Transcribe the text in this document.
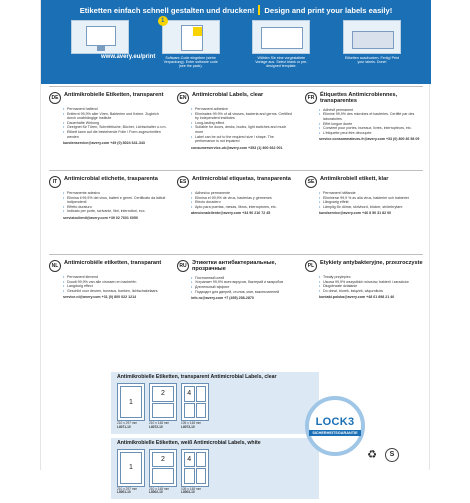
Etiketten einfach schnell gestalten und drucken! Design and print your labels easily!
1
Software-Code eingeben (siehe Verpackung). Enter software code (see the pack).
Wählen Sie eine vorgestaltete Vorlage aus. Select blank or pre-designed template.
Etiketten ausdrucken. Fertig! Print your labels. Done!
www.avery.eu/print
DE Antimikrobielle Etiketten, transparent
• Permanent haftend
• Entfernt 99,9% aller Viren, Bakterien und Keime. Zugleich durch unabhängige Institute
• Dauerhafte Wirkung
• Geeignet für Türen, Schreibtische, Bücher, Lichtschalter u.v.m.
• Etikett kann auf die bestehende Folie / Form zugeschnitten werden
kundenservice@avery.com +49 (0) 8024 641-343
EN Antimicrobial Labels, clear
• Permanent adhesive
• Eliminates 99.9% of all viruses, bacteria and germs. Certified by independent institutes
• Long-lasting effect
• Suitable for doors, desks, books, light switches and much more
• Label can be cut to the required size / shape. The performance is not impaired
consumerservice-uk@avery.com +353 (1) 800 662 001
FR	Étiquettes Antimicrobiennes, transparentes
• Adhésif permanent
• Elimine 99,9% des microbes et bactéries. Certifié par des laboratoires
• Effet longue durée
• Convient pour portes, bureaux, livres, interrupteurs, etc.
• L'étiquette peut être découpée
service.consommateurs-fr@avery.com +33 (0) 800 36 58 09
IT	Antimicrobial etichette, trasparenta
• Permanente adesivo
• Elimina il 99,9% dei virus, batteri e germi. Certificato da istituti indipendenti
• Effetto duraturo
• Indicato per porte, scrivanie, libri, interruttori, ecc.
servizioclienti@avery.com +39 02 7601 6050
ES	Antimicrobial etiquetas, transparenta
• Adhesivo permanente
• Elimina el 99,9% de virus, bacterias y gérmenes
• Efecto duradero
• Apto para puertas, mesas, libros, interruptores, etc.
atencionalcliente@avery.com +34 90 216 72 45
SE	Antimikrobiell etikett, klar
• Permanent häftande
• Eliminerar 99,9 % av alla virus, bakterier och bakterier
• Långvarig effekt
• Lämplig för dörrar, skrivbord, böcker, strömbrytare
kundservice@avery.com +46 8 50 31 82 00
NL	Antimicrobiële etiketten, transparant
• Permanent klevend
• Doodt 99,9% van alle virussen en bacteriën
• Langdurig effect
• Geschikt voor deuren, bureaus, boeken, lichtschakelaars
service.nl@avery.com +31 (0) 800 022 1214
RU Этикетки антибактериальные, прозрачные
• Постоянный клей
• Устраняет 99,9% всех вирусов, бактерий и микробов
• Длительный эффект
• Подходит для дверей, столов, книг, выключателей
info.ru@avery.com +7 (495) 258-2870
PL	Etykiety antybakteryjne, przezroczyste
• Trwały przylepiec
• Usuwa 99,9% wszystkich wirusów, bakterii i zarazków
• Długotrwałe działanie
• Do drzwi, biurek, książek, włączników
kontakt.polska@avery.com +48 61 898 21 40
Antimikrobielle Etiketten, transparent Antimicrobial Labels, clear
1
210 x 297 mm
L8071-10
2
210 x 148 mm
L8072-10
4
105 x 148 mm
L8073-10
Antimikrobielle Etiketten, weiß Antimicrobial Labels, white
1
210 x 297 mm
L8001-10
2
210 x 148 mm
L8002-10
4
105 x 148 mm
L8003-10
LOCK3
SICHERHEITSGARANTIE
♻	S
